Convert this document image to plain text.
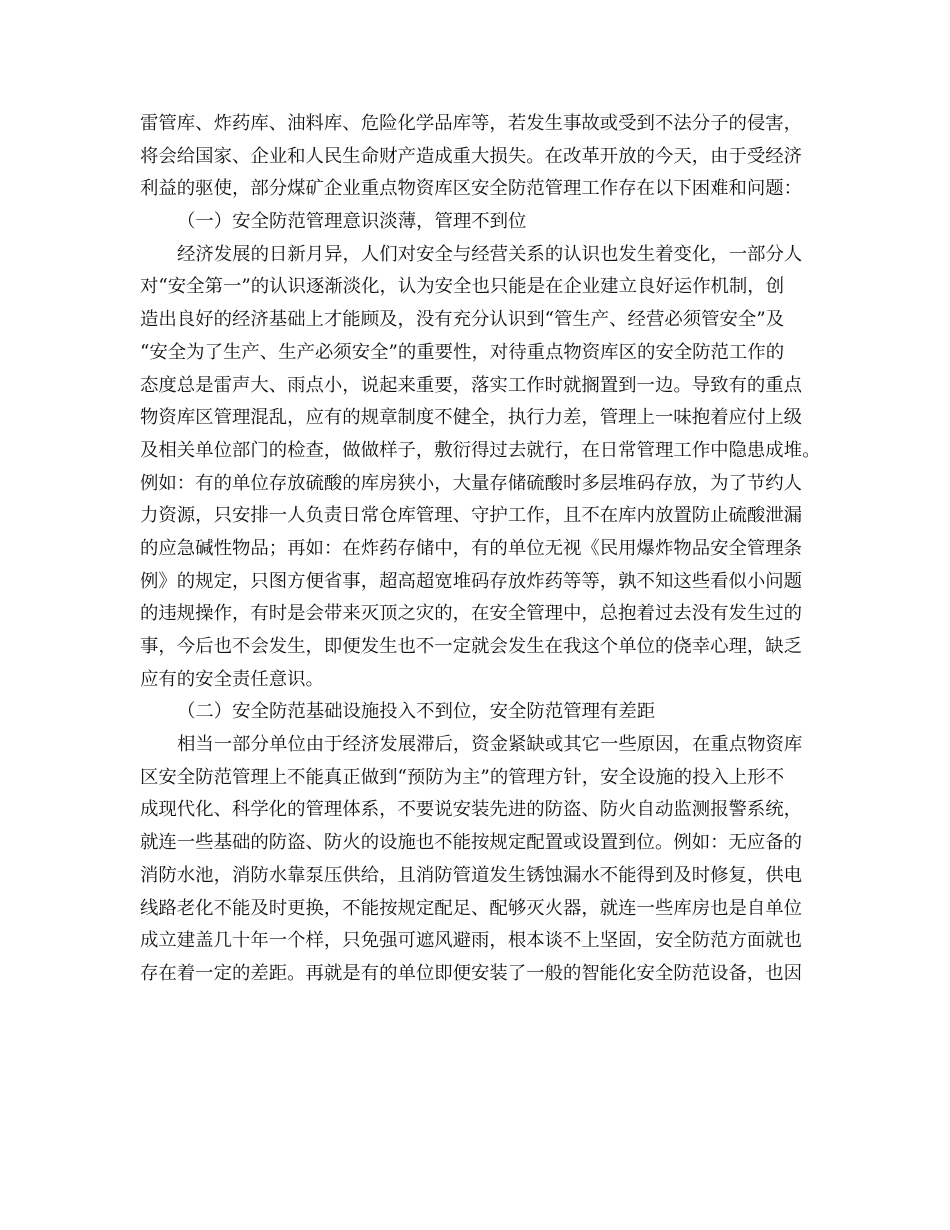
雷管库、炸药库、油料库、危险化学品库等，若发生事故或受到不法分子的侵害，
将会给国家、企业和人民生命财产造成重大损失。在改革开放的今天，由于受经济
利益的驱使，部分煤矿企业重点物资库区安全防范管理工作存在以下困难和问题：
（一）安全防范管理意识淡薄，管理不到位
经济发展的日新月异，人们对安全与经营关系的认识也发生着变化，一部分人
对“安全第一”的认识逐渐淡化，认为安全也只能是在企业建立良好运作机制，创
造出良好的经济基础上才能顾及，没有充分认识到“管生产、经营必须管安全”及
“安全为了生产、生产必须安全”的重要性，对待重点物资库区的安全防范工作的
态度总是雷声大、雨点小，说起来重要，落实工作时就搁置到一边。导致有的重点
物资库区管理混乱，应有的规章制度不健全，执行力差，管理上一味抱着应付上级
及相关单位部门的检查，做做样子，敷衍得过去就行，在日常管理工作中隐患成堆。
例如：有的单位存放硫酸的库房狭小，大量存储硫酸时多层堆码存放，为了节约人
力资源，只安排一人负责日常仓库管理、守护工作，且不在库内放置防止硫酸泄漏
的应急碱性物品；再如：在炸药存储中，有的单位无视《民用爆炸物品安全管理条
例》的规定，只图方便省事，超高超宽堆码存放炸药等等，孰不知这些看似小问题
的违规操作，有时是会带来灭顶之灾的，在安全管理中，总抱着过去没有发生过的
事，今后也不会发生，即便发生也不一定就会发生在我这个单位的侥幸心理，缺乏
应有的安全责任意识。
（二）安全防范基础设施投入不到位，安全防范管理有差距
相当一部分单位由于经济发展滞后，资金紧缺或其它一些原因，在重点物资库
区安全防范管理上不能真正做到“预防为主”的管理方针，安全设施的投入上形不
成现代化、科学化的管理体系，不要说安装先进的防盗、防火自动监测报警系统，
就连一些基础的防盗、防火的设施也不能按规定配置或设置到位。例如：无应备的
消防水池，消防水靠泵压供给，且消防管道发生锈蚀漏水不能得到及时修复，供电
线路老化不能及时更换，不能按规定配足、配够灭火器，就连一些库房也是自单位
成立建盖几十年一个样，只免强可遮风避雨，根本谈不上坚固，安全防范方面就也
存在着一定的差距。再就是有的单位即便安装了一般的智能化安全防范设备，也因
